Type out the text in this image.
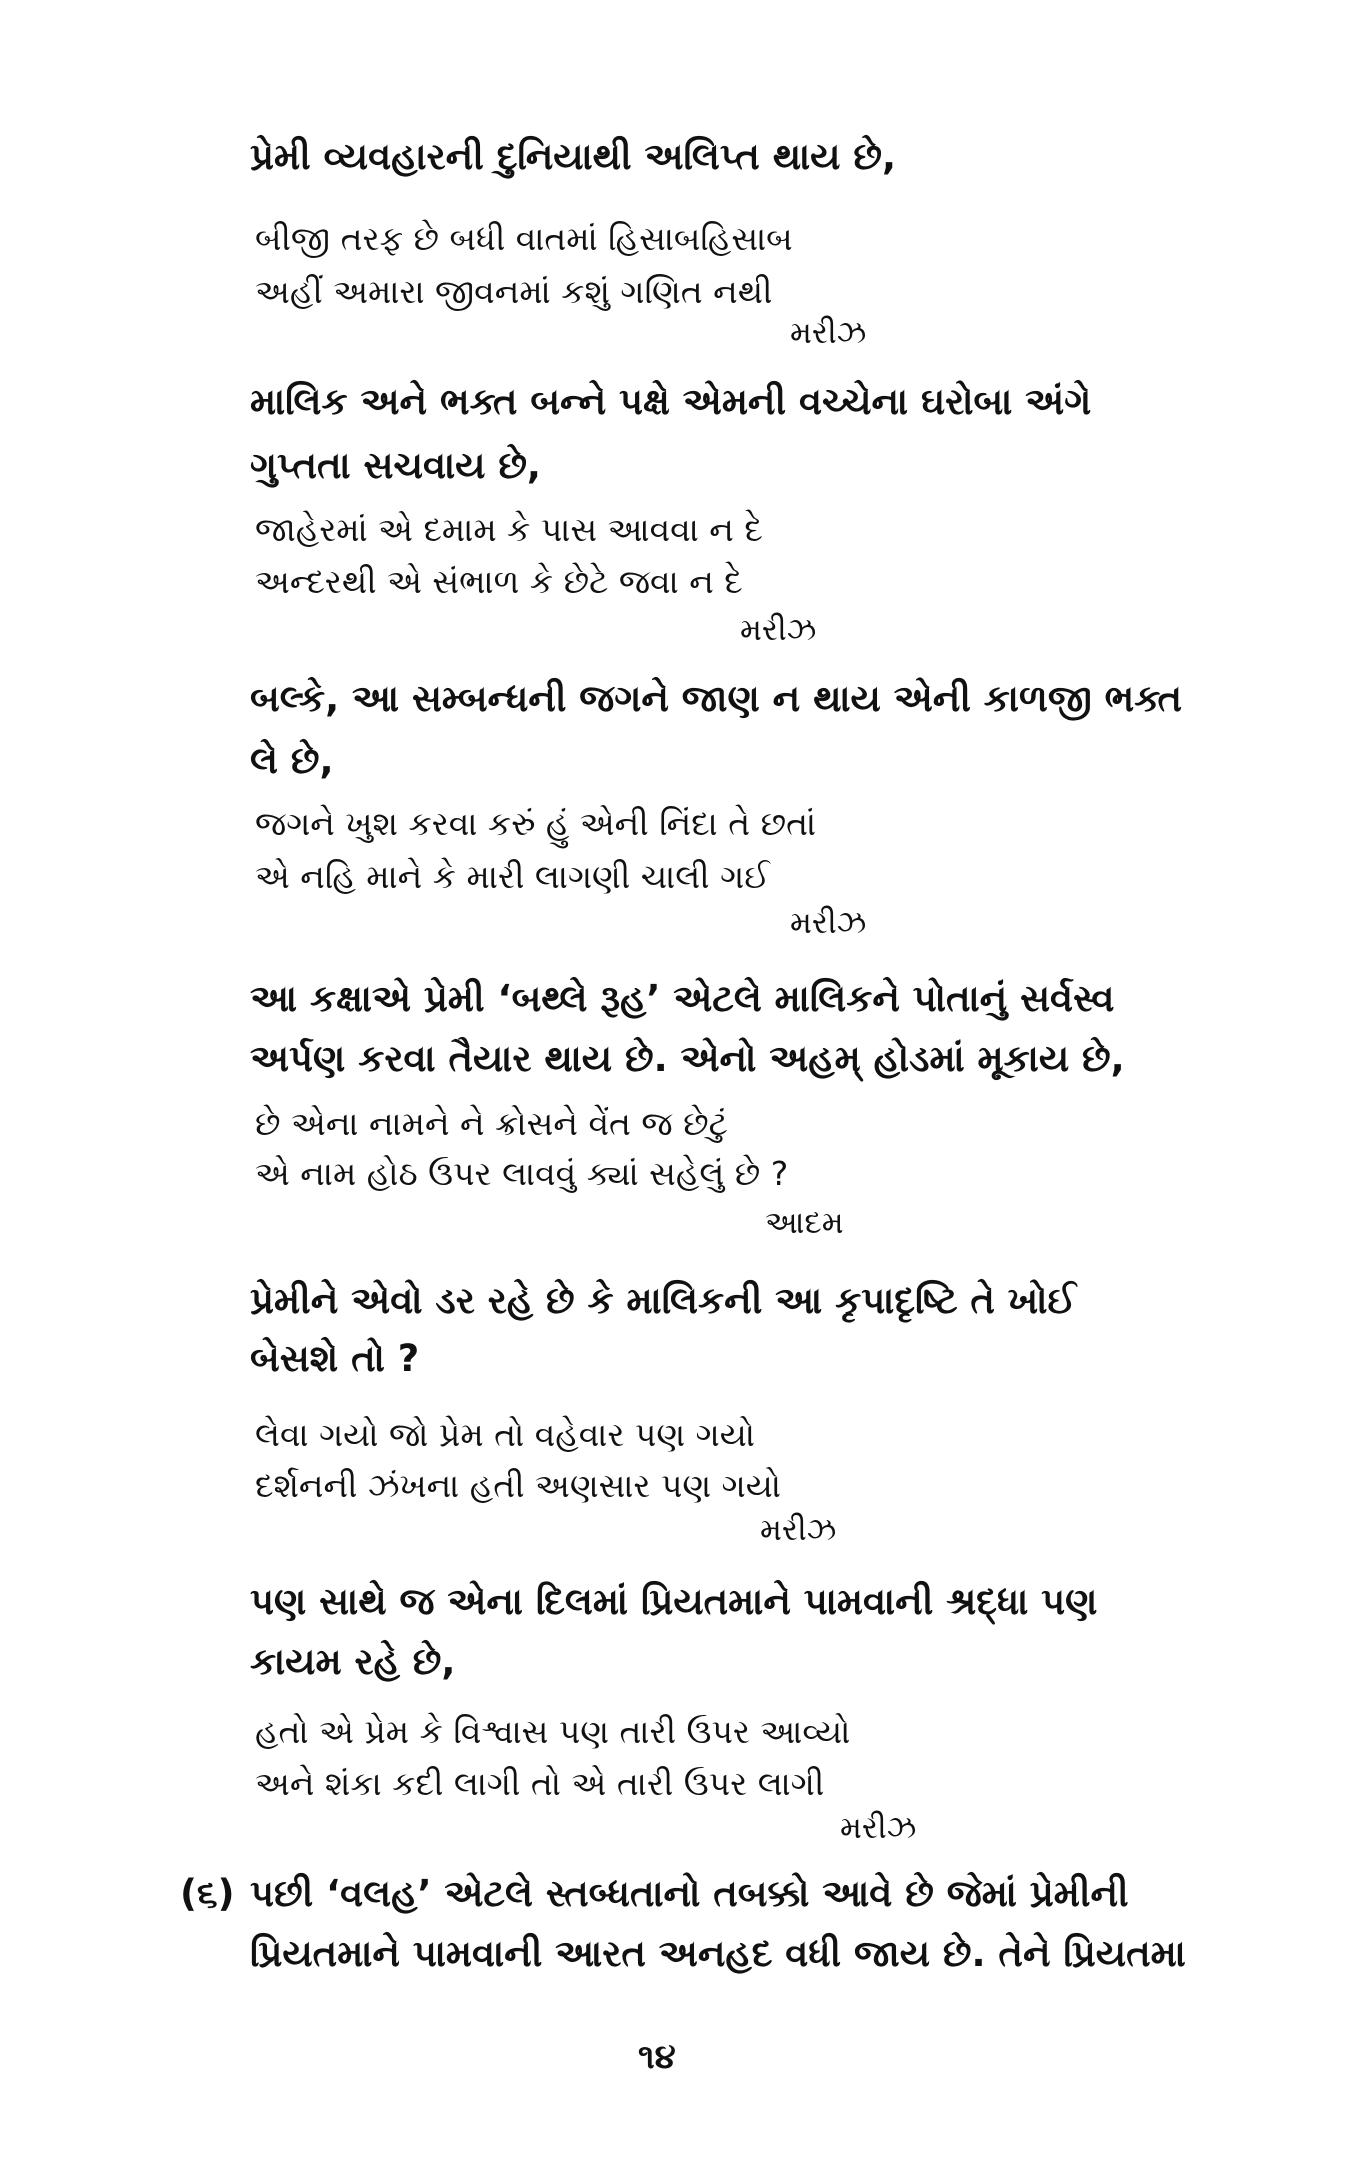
પ્રેમી વ્યવહારની દુનિયાથી અલિપ્ત થાય છે,
બીજી તરફ છે બધી વાતમાં હિસાબહિસાબ
અહીં અમારા જીવનમાં કશું ગણિત નથી
મરીઝ
માલિક અને ભક્ત બન્ને પક્ષે એમની વચ્ચેના ઘરોબા અંગે
ગુપ્તતા સચવાય છે,
જાહેરમાં એ દમામ કે પાસ આવવા ન દે
અન્દરથી એ સંભાળ કે છેટે જવા ન દે
મરીઝ
બલ્કે, આ સમ્બન્ધની જગને જાણ ન થાય એની કાળજી ભક્ત
લે છે,
જગને ખુશ કરવા કરું હું એની નિંદા તે છતાં
એ નહિ માને કે મારી લાગણી ચાલી ગઈ
મરીઝ
આ કક્ષાએ પ્રેમી ‘બથ્લે રૂહ’ એટલે માલિકને પોતાનું સર્વસ્વ
અર્પણ કરવા તૈયાર થાય છે. એનો અહમ્ હોડમાં મૂકાય છે,
છે એના નામને ને ક્રોસને વેંત જ છેટું
એ નામ હોઠ ઉપર લાવવું ક્યાં સહેલું છે ?
આદમ
પ્રેમીને એવો ડર રહે છે કે માલિકની આ કૃપાદૃષ્ટિ તે ખોઈ
બેસશે તો ?
લેવા ગયો જો પ્રેમ તો વહેવાર પણ ગયો
દર્શનની ઝંખના હતી અણસાર પણ ગયો
મરીઝ
પણ સાથે જ એના દિલમાં પ્રિયતમાને પામવાની શ્રદ્ધા પણ
કાયમ રહે છે,
હતો એ પ્રેમ કે વિશ્વાસ પણ તારી ઉપર આવ્યો
અને શંકા કદી લાગી તો એ તારી ઉપર લાગી
મરીઝ
(૬) પછી ‘વલહ’ એટલે સ્તબ્ધતાનો તબક્કો આવે છે જેમાં પ્રેમીની
પ્રિયતમાને પામવાની આરત અનહદ વધી જાય છે. તેને પ્રિયતમા
૧૪
